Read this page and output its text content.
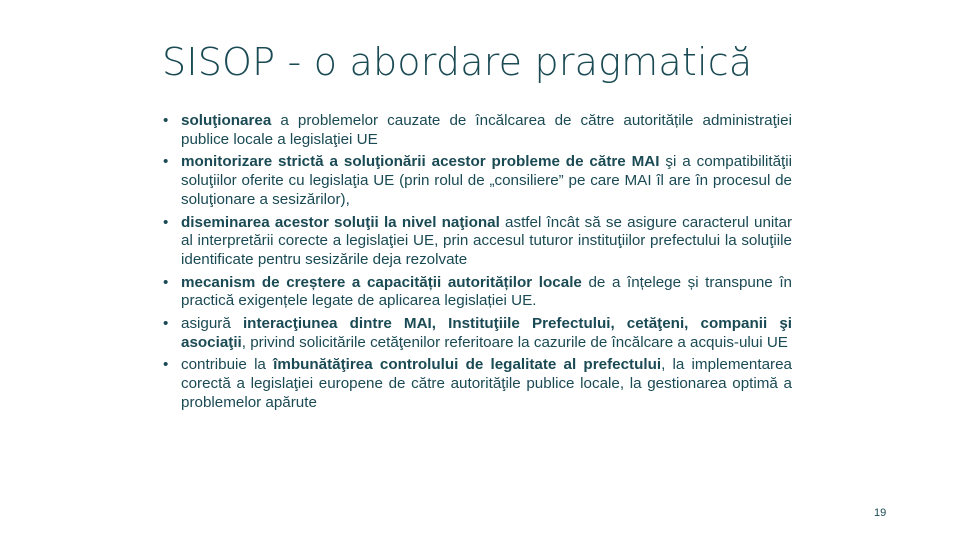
SISOP - o abordare pragmatică
• soluţionarea a problemelor cauzate de încălcarea de către autoritățile administraţiei publice locale a legislaţiei UE
• monitorizare strictă a soluţionării acestor probleme de către MAI şi a compatibilităţii soluţiilor oferite cu legislaţia UE (prin rolul de „consiliere” pe care MAI îl are în procesul de soluţionare a sesizărilor),
• diseminarea acestor soluţii la nivel naţional astfel încât să se asigure caracterul unitar al interpretării corecte a legislaţiei UE, prin accesul tuturor instituţiilor prefectului la soluţiile identificate pentru sesizările deja rezolvate
• mecanism de creștere a capacității autorităților locale de a înțelege și transpune în practică exigențele legate de aplicarea legislației UE.
• asigură interacţiunea dintre MAI, Instituţiile Prefectului, cetăţeni, companii şi asociaţii, privind solicitările cetăţenilor referitoare la cazurile de încălcare a acquis-ului UE
• contribuie la îmbunătăţirea controlului de legalitate al prefectului, la implementarea corectă a legislaţiei europene de către autorităţile publice locale, la gestionarea optimă a problemelor apărute
19
